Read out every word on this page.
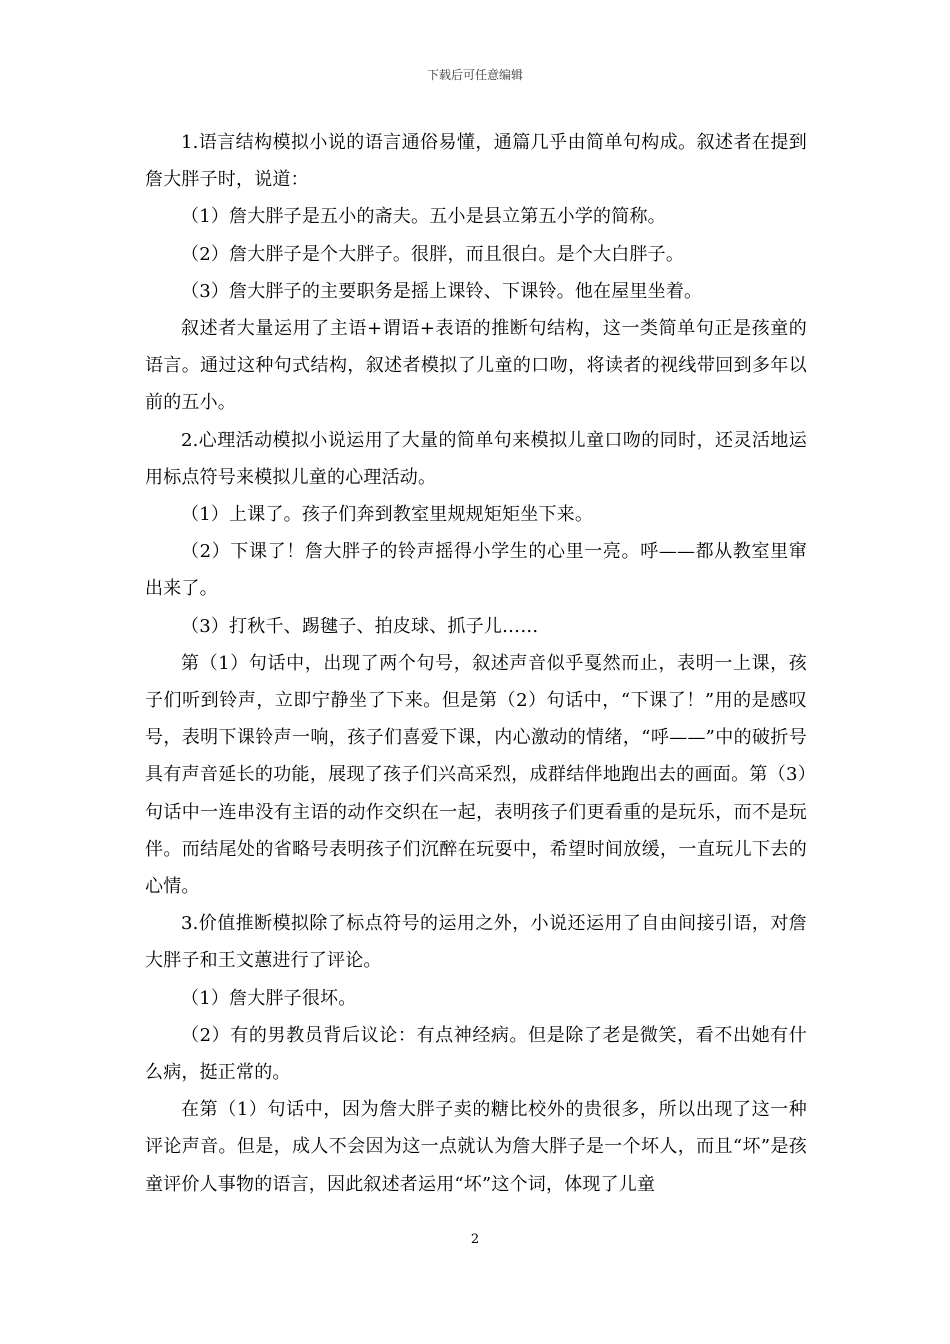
下载后可任意编辑

1.语言结构模拟小说的语言通俗易懂，通篇几乎由简单句构成。叙述者在提到詹大胖子时，说道：

（1）詹大胖子是五小的斋夫。五小是县立第五小学的简称。

（2）詹大胖子是个大胖子。很胖，而且很白。是个大白胖子。

（3）詹大胖子的主要职务是摇上课铃、下课铃。他在屋里坐着。

叙述者大量运用了主语+谓语+表语的推断句结构，这一类简单句正是孩童的语言。通过这种句式结构，叙述者模拟了儿童的口吻，将读者的视线带回到多年以前的五小。

2.心理活动模拟小说运用了大量的简单句来模拟儿童口吻的同时，还灵活地运用标点符号来模拟儿童的心理活动。

（1）上课了。孩子们奔到教室里规规矩矩坐下来。

（2）下课了！詹大胖子的铃声摇得小学生的心里一亮。呼——都从教室里窜出来了。

（3）打秋千、踢毽子、拍皮球、抓子儿……

第（1）句话中，出现了两个句号，叙述声音似乎戛然而止，表明一上课，孩子们听到铃声，立即宁静坐了下来。但是第（2）句话中，“下课了！”用的是感叹号，表明下课铃声一响，孩子们喜爱下课，内心激动的情绪，“呼——”中的破折号具有声音延长的功能，展现了孩子们兴高采烈，成群结伴地跑出去的画面。第（3）句话中一连串没有主语的动作交织在一起，表明孩子们更看重的是玩乐，而不是玩伴。而结尾处的省略号表明孩子们沉醉在玩耍中，希望时间放缓，一直玩儿下去的心情。

3.价值推断模拟除了标点符号的运用之外，小说还运用了自由间接引语，对詹大胖子和王文蕙进行了评论。

（1）詹大胖子很坏。

（2）有的男教员背后议论：有点神经病。但是除了老是微笑，看不出她有什么病，挺正常的。

在第（1）句话中，因为詹大胖子卖的糖比校外的贵很多，所以出现了这一种评论声音。但是，成人不会因为这一点就认为詹大胖子是一个坏人，而且“坏”是孩童评价人事物的语言，因此叙述者运用“坏”这个词，体现了儿童

2
